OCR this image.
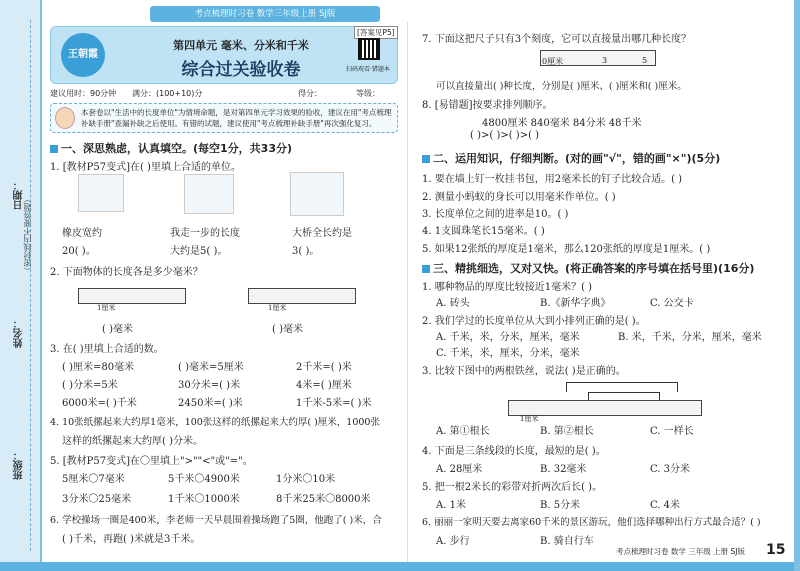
日期：
（密封线内不要答题）
姓名：
班级：
考点梳理时习卷 数学三年级上册 SJ版
王朝霞
第四单元 毫米、分米和千米
综合过关验收卷
[答案见P5]
扫码观看·错题本
建议用时：90分钟 满分：(100+10)分	得分：	等级：
本套卷以"生活中的长度单位"为情境命题，是对第四单元学习效果的验收，建议在用"考点梳理补缺手册"查漏补缺之后使用。有错的试题，建议使用"考点梳理补缺手册"再次强化复习。
一、深思熟虑，认真填空。(每空1分，共33分)
1. [教材P57变式]在( )里填上合适的单位。
橡皮宽约
20( )。
我走一步的长度
大约是5( )。
大桥全长约是
3( )。
2. 下面物体的长度各是多少毫米？
1厘米	1厘米
( )毫米	( )毫米
3. 在( )里填上合适的数。
( )厘米=80毫米	( )毫米=5厘米	2千米=( )米
( )分米=5米	30分米=( )米	4米=( )厘米
6000米=( )千米	2450米=( )米	1千米-5米=( )米
4. 10张纸摞起来大约厚1毫米，100张这样的纸摞起来大约厚( )厘米，1000张
这样的纸摞起来大约厚( )分米。
5. [教材P57变式]在〇里填上">""<"或"="。
5厘米〇7毫米	5千米〇4900米	1分米〇10米
3分米〇25毫米	1千米〇1000米	8千米25米〇8000米
6. 学校操场一圈是400米，李老师一天早晨围着操场跑了5圈，他跑了( )米，合
( )千米，再跑( )米就是3千米。
7. 下面这把尺子只有3个刻度，它可以直接量出哪几种长度？
0厘米	3	5
可以直接量出( )种长度，分别是( )厘米、( )厘米和( )厘米。
8. [易错题]按要求排列顺序。
4800厘米 840毫米 84分米 48千米
( )>( )>( )>( )
二、运用知识，仔细判断。(对的画"√"，错的画"×")(5分)
1. 要在墙上钉一枚挂书包，用2毫米长的钉子比较合适。( )
2. 测量小蚂蚁的身长可以用毫米作单位。( )
3. 长度单位之间的进率是10。( )
4. 1支圆珠笔长15毫米。( )
5. 如果12张纸的厚度是1毫米，那么120张纸的厚度是1厘米。( )
三、精挑细选，又对又快。(将正确答案的序号填在括号里)(16分)
1. 哪种物品的厚度比较接近1毫米？( )
A. 砖头	B.《新华字典》	C. 公交卡
2. 我们学过的长度单位从大到小排列正确的是( )。
A. 千米，米，分米，厘米，毫米	B. 米，千米，分米，厘米，毫米
C. 千米，米，厘米，分米，毫米
3. 比较下图中的两根铁丝，说法( )是正确的。
1厘米
A. 第①根长	B. 第②根长	C. 一样长
4. 下面是三条线段的长度，最短的是( )。
A. 28厘米	B. 32毫米	C. 3分米
5. 把一根2米长的彩带对折两次后长( )。
A. 1米	B. 5分米	C. 4米
6. 丽丽一家明天要去离家60千米的景区游玩，他们选择哪种出行方式最合适？( )
A. 步行	B. 骑自行车
考点梳理时习卷 数学 三年级 上册 SJ版 15
